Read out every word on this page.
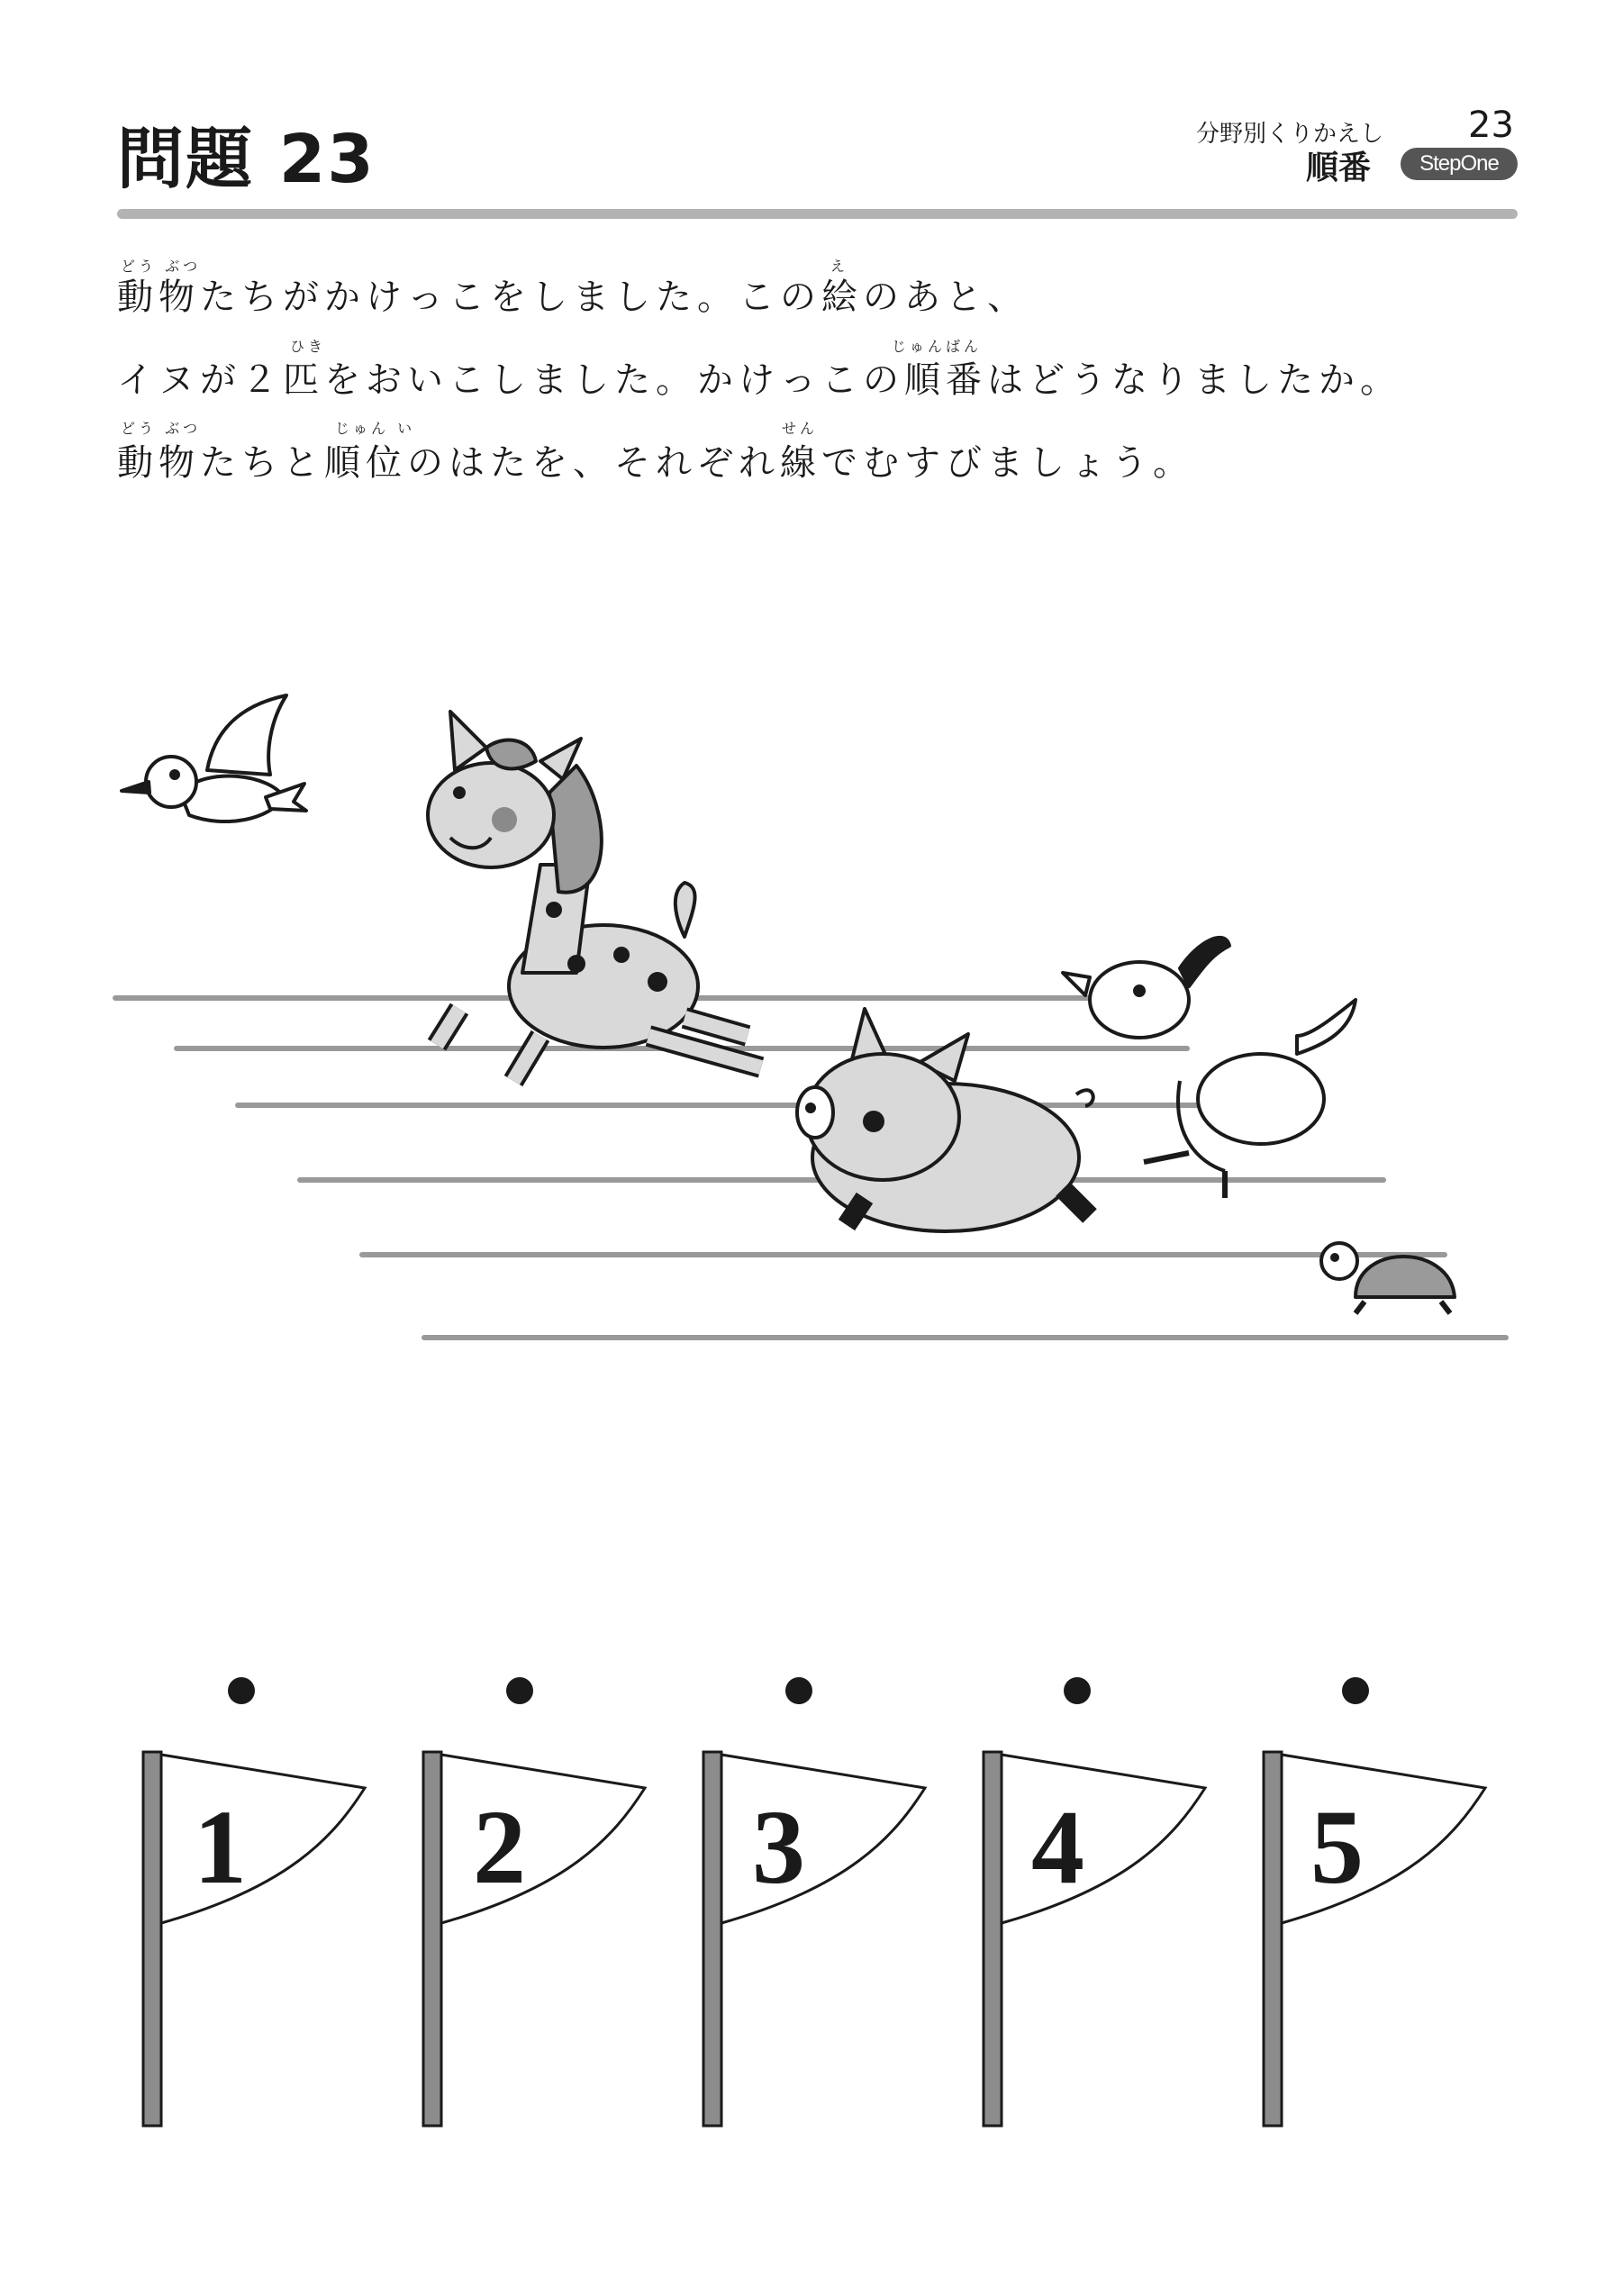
問題 23	分野別くりかえし 23
順番	StepOne
どう ぶつ	え
動物たちがかけっこをしました。この絵のあと、
ひき	じゅんばん
イヌが２匹をおいこしました。かけっこの順番はどうなりましたか。
どう ぶつ	じゅん い	せん
動物たちと順位のはたを、それぞれ線でむすびましょう。
1 2 3 4 5
